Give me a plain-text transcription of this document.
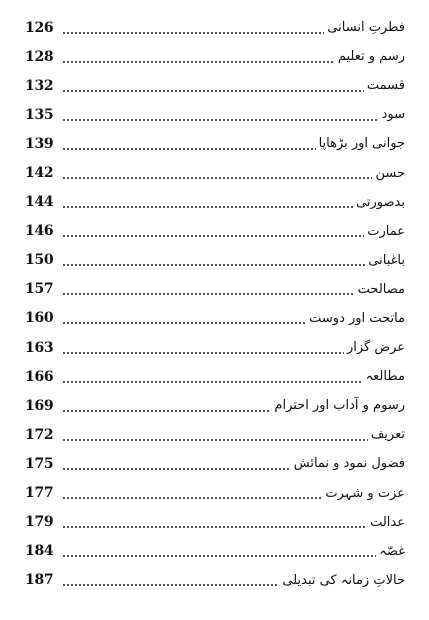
126	فطرتِ انسانی
128	رسم و تعلیم
132	قسمت
135	سود
139	جوانی اور بڑھاپا
142	حسن
144	بدصورتی
146	عمارت
150	باغبانی
157	مصالحت
160	ماتحت اور دوست
163	عرض گزار
166	مطالعہ
169	رسوم و آداب اور احترام
172	تعریف
175	فضول نمود و نمائش
177	عزت و شہرت
179	عدالت
184	غصّہ
187	حالاتِ زمانہ کی تبدیلی
